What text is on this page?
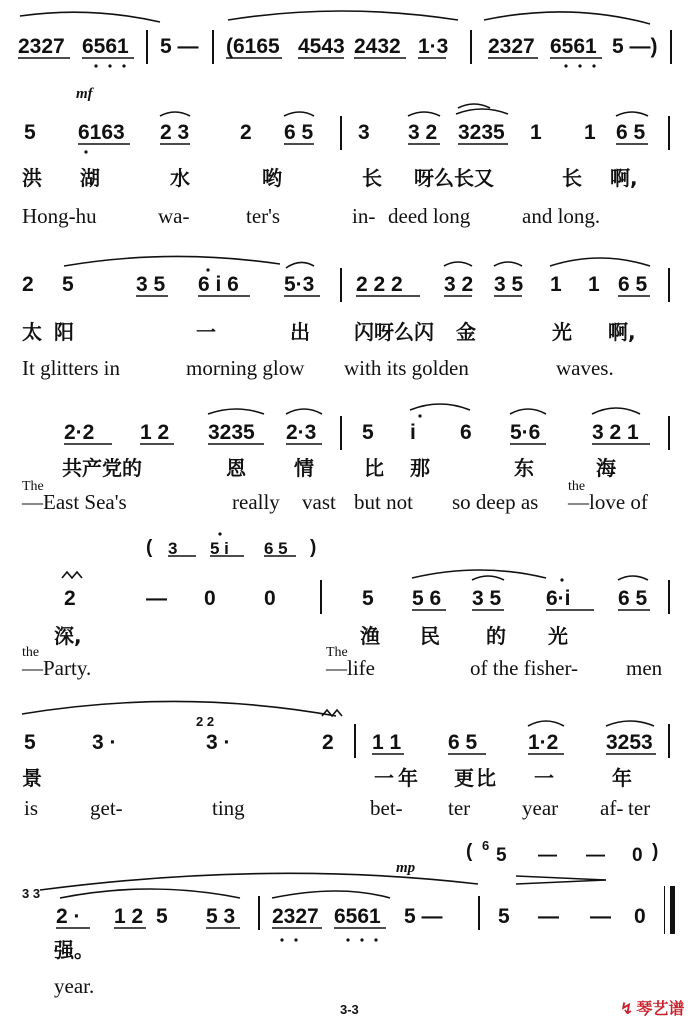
2327 6561 5 — (6165 4543 2432 1·3 2327 6561 5 —)
mf
5 6163 2 3 2 6 5 3 3 2 3235 1 1 6 5
洪 湖	水	哟	长 呀么长又	长 啊,
Hong-hu	wa-	ter's	in- deed long and long.
2 5	3 5 6 i 6 5·3 2 2 2 3 2 3 5 1 1 6 5
太 阳	一	出 闪呀么闪 金	光 啊,
It glitters in	morning glow with its golden	waves.
2·2 1 2 3235 2·3 5 i 6 5·6 3 2 1
共产党的	恩 情	比 那	东	海
The
—East Sea's	really vast but not so deep as
the
—love of
( 3 5 i 6 5 )
2	— 0 0	5 5 6 3 5 6·i 6 5
深,	渔 民 的 光
the
—Party.
The
—life	of the fisher- men
2 2
5	3 ·	3 ·	2 1 1 6 5 1·2 3253
景	一 年 更 比 一	年
is get-	ting	bet- ter year af- ter
mp
( 6 5 — — 0 )
3 3
2 · 1 2 5 5 3 2327 6561 5 —	5 — — 0
强。
year.
3-3	↯ 琴艺谱
